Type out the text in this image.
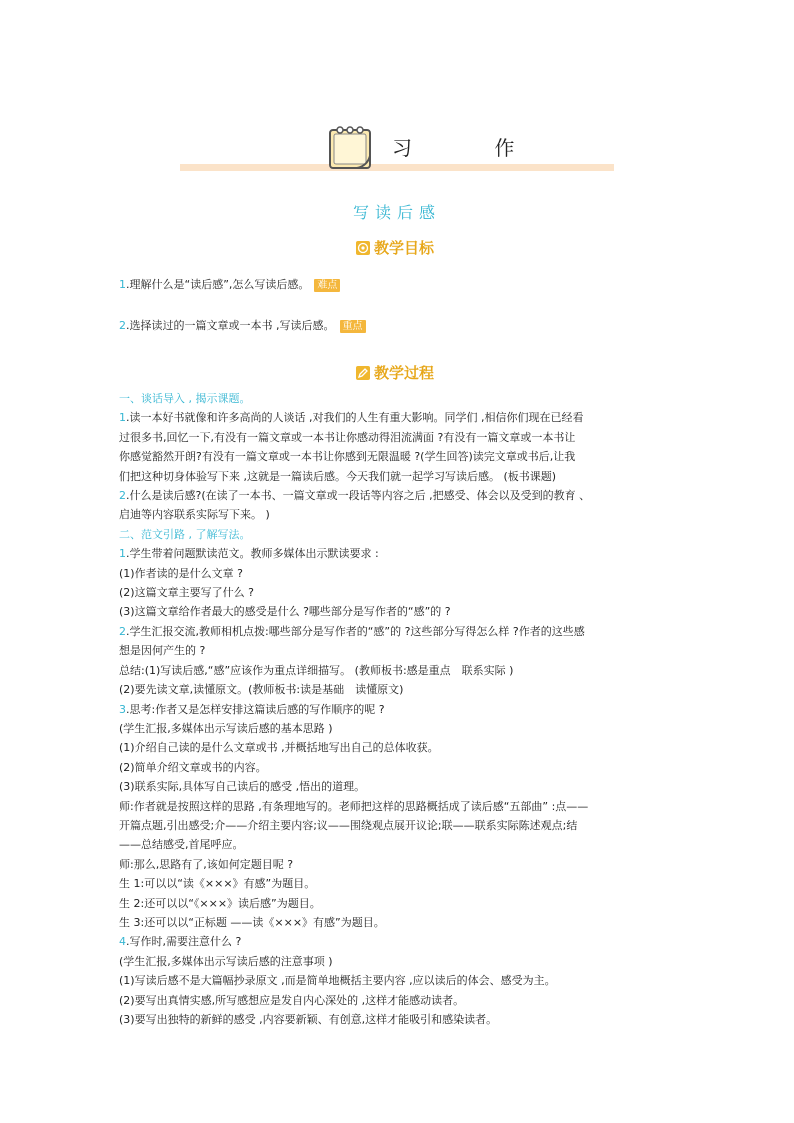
习 作
写读后感
教学目标
1.理解什么是“读后感”,怎么写读后感。 难点
2.选择读过的一篇文章或一本书 ,写读后感。 重点
教学过程

一、谈话导入 , 揭示课题。

1.读一本好书就像和许多高尚的人谈话 ,对我们的人生有重大影响。同学们 ,相信你们现在已经看

过很多书,回忆一下,有没有一篇文章或一本书让你感动得泪流满面 ?有没有一篇文章或一本书让

你感觉豁然开朗?有没有一篇文章或一本书让你感到无限温暖 ?(学生回答)读完文章或书后,让我

们把这种切身体验写下来 ,这就是一篇读后感。今天我们就一起学习写读后感。 (板书课题)

2.什么是读后感?(在读了一本书、一篇文章或一段话等内容之后 ,把感受、体会以及受到的教育 、

启迪等内容联系实际写下来。 )

二、范文引路 , 了解写法。

1.学生带着问题默读范文。教师多媒体出示默读要求 :

(1)作者读的是什么文章 ?

(2)这篇文章主要写了什么 ?

(3)这篇文章给作者最大的感受是什么 ?哪些部分是写作者的“感”的 ?

2.学生汇报交流,教师相机点拨:哪些部分是写作者的“感”的 ?这些部分写得怎么样 ?作者的这些感

想是因何产生的 ?

总结:(1)写读后感,“感”应该作为重点详细描写。 (教师板书:感是重点　联系实际 )

(2)要先读文章,读懂原文。(教师板书:读是基础　读懂原文)

3.思考:作者又是怎样安排这篇读后感的写作顺序的呢 ?

(学生汇报,多媒体出示写读后感的基本思路 )

(1)介绍自己读的是什么文章或书 ,并概括地写出自己的总体收获。

(2)简单介绍文章或书的内容。

(3)联系实际,具体写自己读后的感受 ,悟出的道理。

师:作者就是按照这样的思路 ,有条理地写的。老师把这样的思路概括成了读后感“五部曲” :点——

开篇点题,引出感受;介——介绍主要内容;议——围绕观点展开议论;联——联系实际陈述观点;结

——总结感受,首尾呼应。

师:那么,思路有了,该如何定题目呢 ?

生 1:可以以“读《×××》有感”为题目。

生 2:还可以以“《×××》读后感”为题目。

生 3:还可以以“正标题 ——读《×××》有感”为题目。

4.写作时,需要注意什么 ?

(学生汇报,多媒体出示写读后感的注意事项 )

(1)写读后感不是大篇幅抄录原文 ,而是简单地概括主要内容 ,应以读后的体会、感受为主。

(2)要写出真情实感,所写感想应是发自内心深处的 ,这样才能感动读者。

(3)要写出独特的新鲜的感受 ,内容要新颖、有创意,这样才能吸引和感染读者。
